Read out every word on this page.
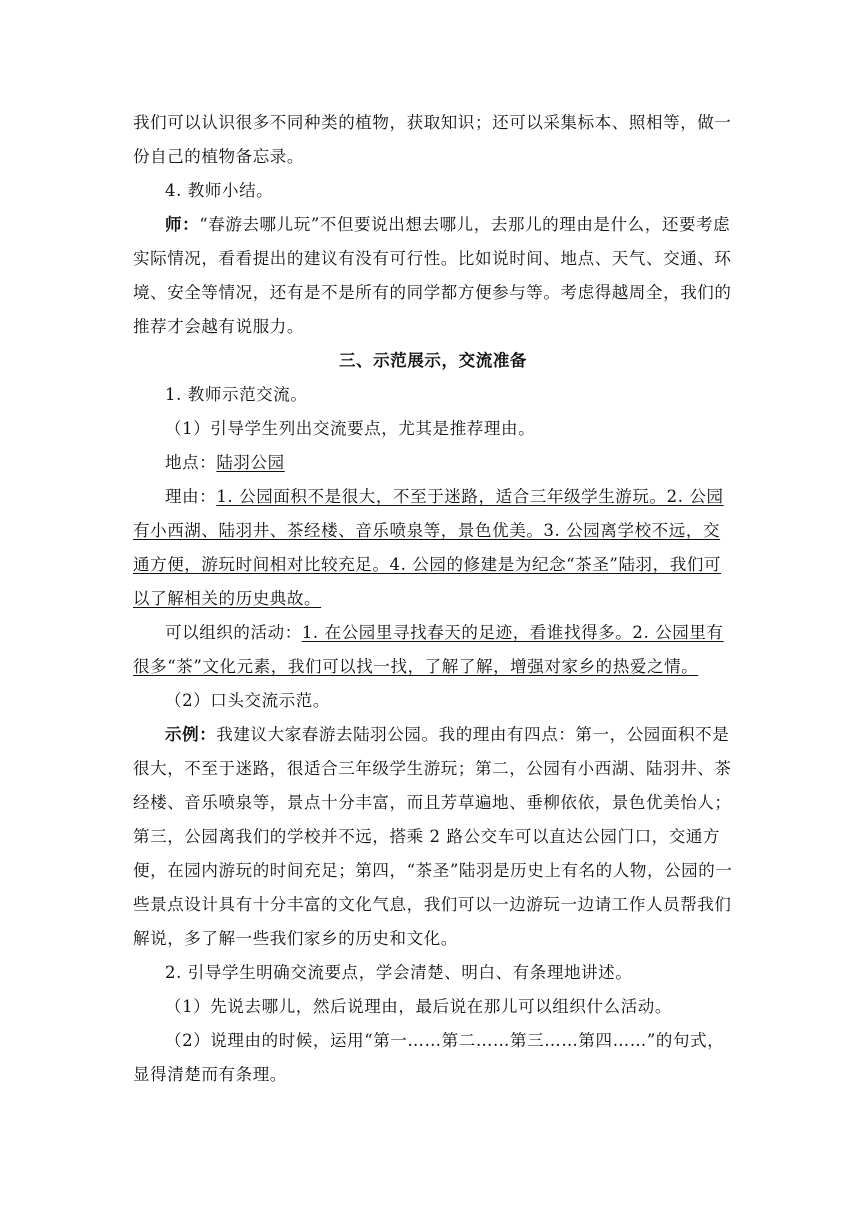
我们可以认识很多不同种类的植物，获取知识；还可以采集标本、照相等，做一份自己的植物备忘录。

4. 教师小结。

师：“春游去哪儿玩”不但要说出想去哪儿，去那儿的理由是什么，还要考虑实际情况，看看提出的建议有没有可行性。比如说时间、地点、天气、交通、环境、安全等情况，还有是不是所有的同学都方便参与等。考虑得越周全，我们的推荐才会越有说服力。

三、示范展示，交流准备

1. 教师示范交流。

（1）引导学生列出交流要点，尤其是推荐理由。

地点：陆羽公园

理由：1. 公园面积不是很大，不至于迷路，适合三年级学生游玩。2. 公园有小西湖、陆羽井、茶经楼、音乐喷泉等，景色优美。3. 公园离学校不远，交通方便，游玩时间相对比较充足。4. 公园的修建是为纪念“茶圣”陆羽，我们可以了解相关的历史典故。

可以组织的活动：1. 在公园里寻找春天的足迹，看谁找得多。2. 公园里有很多“茶”文化元素，我们可以找一找，了解了解，增强对家乡的热爱之情。

（2）口头交流示范。

示例：我建议大家春游去陆羽公园。我的理由有四点：第一，公园面积不是很大，不至于迷路，很适合三年级学生游玩；第二，公园有小西湖、陆羽井、茶经楼、音乐喷泉等，景点十分丰富，而且芳草遍地、垂柳依依，景色优美怡人；第三，公园离我们的学校并不远，搭乘 2 路公交车可以直达公园门口，交通方便，在园内游玩的时间充足；第四，“茶圣”陆羽是历史上有名的人物，公园的一些景点设计具有十分丰富的文化气息，我们可以一边游玩一边请工作人员帮我们解说，多了解一些我们家乡的历史和文化。

2. 引导学生明确交流要点，学会清楚、明白、有条理地讲述。

（1）先说去哪儿，然后说理由，最后说在那儿可以组织什么活动。

（2）说理由的时候，运用“第一……第二……第三……第四……”的句式，显得清楚而有条理。
